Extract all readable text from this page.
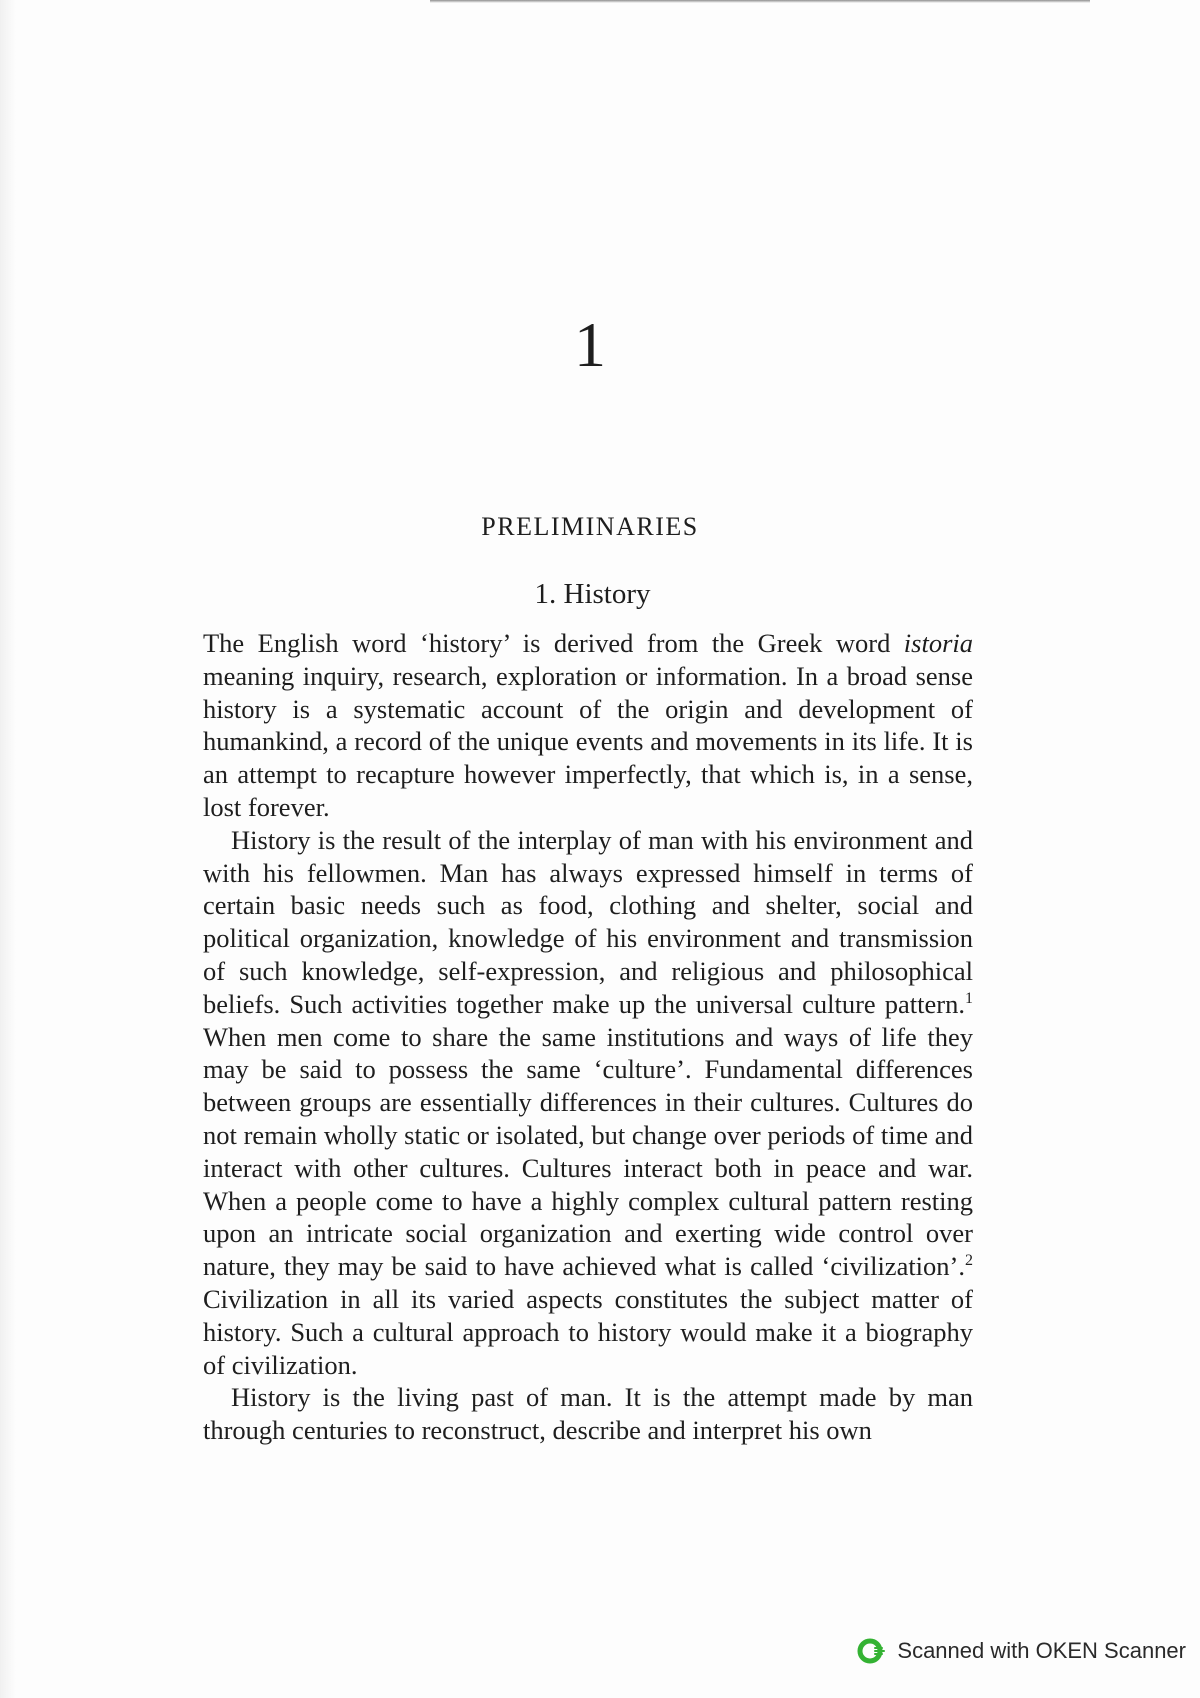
1
PRELIMINARIES
1. History

The English word ‘history’ is derived from the Greek word istoria meaning inquiry, research, exploration or information. In a broad sense history is a systematic account of the origin and development of humankind, a record of the unique events and movements in its life. It is an attempt to recapture however imperfectly, that which is, in a sense, lost forever.

History is the result of the interplay of man with his environment and with his fellowmen. Man has always expressed himself in terms of certain basic needs such as food, clothing and shelter, social and political organization, knowledge of his environment and transmission of such knowledge, self-expression, and religious and philosophical beliefs. Such activities together make up the universal culture pattern.$^1$ When men come to share the same institutions and ways of life they may be said to possess the same ‘culture’. Fundamental differences between groups are essentially differences in their cultures. Cultures do not remain wholly static or isolated, but change over periods of time and interact with other cultures. Cultures interact both in peace and war. When a people come to have a highly complex cultural pattern resting upon an intricate social organization and exerting wide control over nature, they may be said to have achieved what is called ‘civilization’.$^2$ Civilization in all its varied aspects constitutes the subject matter of history. Such a cultural approach to history would make it a biography of civilization.

History is the living past of man. It is the attempt made by man through centuries to reconstruct, describe and interpret his own

Scanned with OKEN Scanner
